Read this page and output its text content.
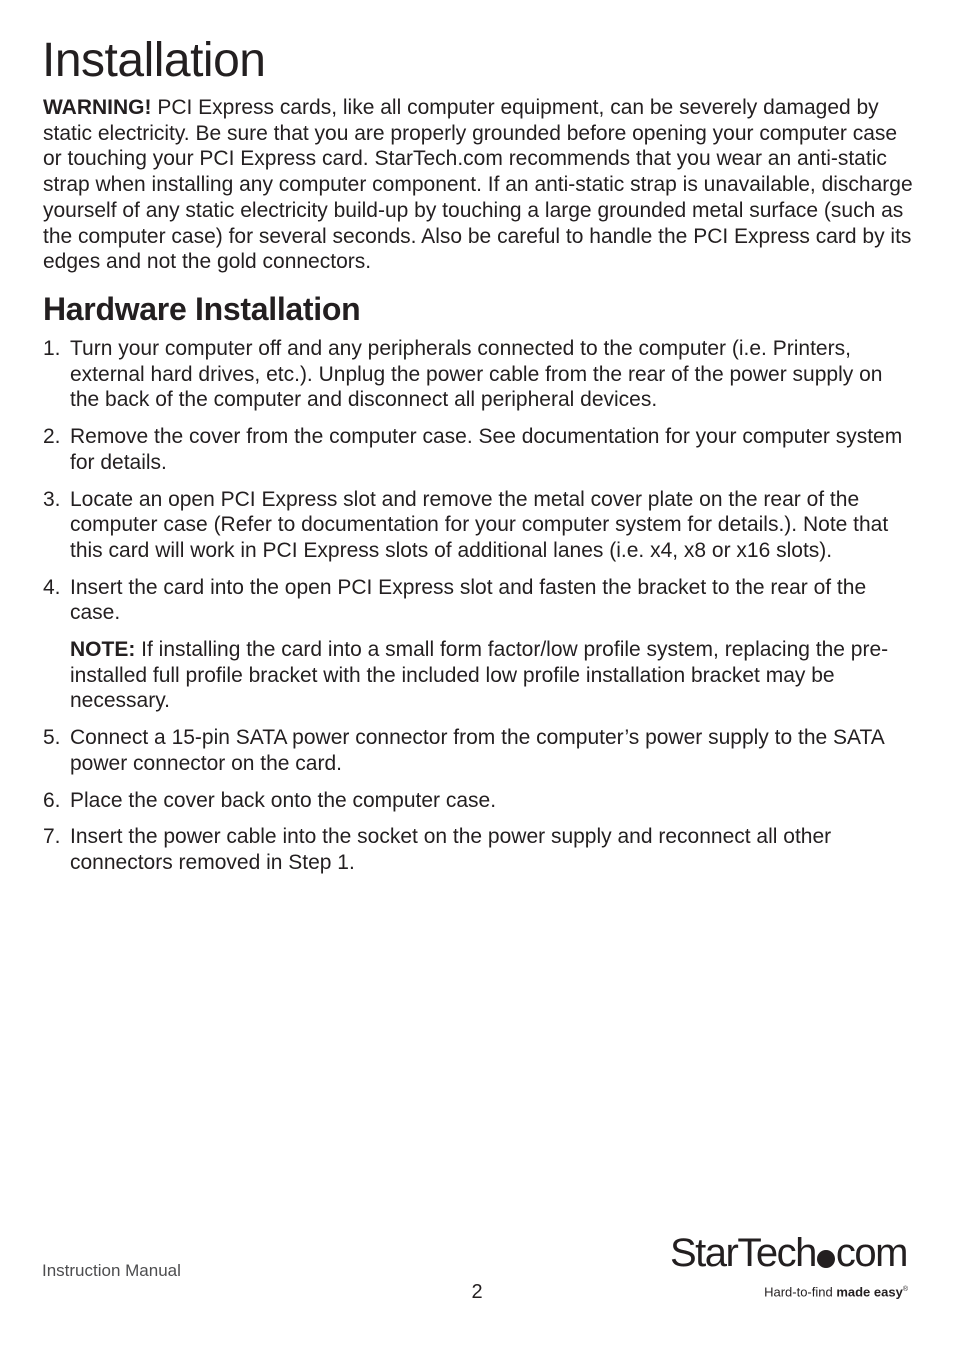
Installation

WARNING! PCI Express cards, like all computer equipment, can be severely damaged by static electricity. Be sure that you are properly grounded before opening your computer case or touching your PCI Express card. StarTech.com recommends that you wear an anti-static strap when installing any computer component. If an anti-static strap is unavailable, discharge yourself of any static electricity build-up by touching a large grounded metal surface (such as the computer case) for several seconds. Also be careful to handle the PCI Express card by its edges and not the gold connectors.

Hardware Installation
1. Turn your computer off and any peripherals connected to the computer (i.e. Printers, external hard drives, etc.). Unplug the power cable from the rear of the power supply on the back of the computer and disconnect all peripheral devices.
2. Remove the cover from the computer case. See documentation for your computer system for details.
3. Locate an open PCI Express slot and remove the metal cover plate on the rear of the computer case (Refer to documentation for your computer system for details.). Note that this card will work in PCI Express slots of additional lanes (i.e. x4, x8 or x16 slots).
4. Insert the card into the open PCI Express slot and fasten the bracket to the rear of the case.
NOTE: If installing the card into a small form factor/low profile system, replacing the pre-installed full profile bracket with the included low profile installation bracket may be necessary.
5. Connect a 15-pin SATA power connector from the computer’s power supply to the SATA power connector on the card.
6. Place the cover back onto the computer case.
7. Insert the power cable into the socket on the power supply and reconnect all other connectors removed in Step 1.
Instruction Manual
2
StarTech com
Hard-to-find made easy®
